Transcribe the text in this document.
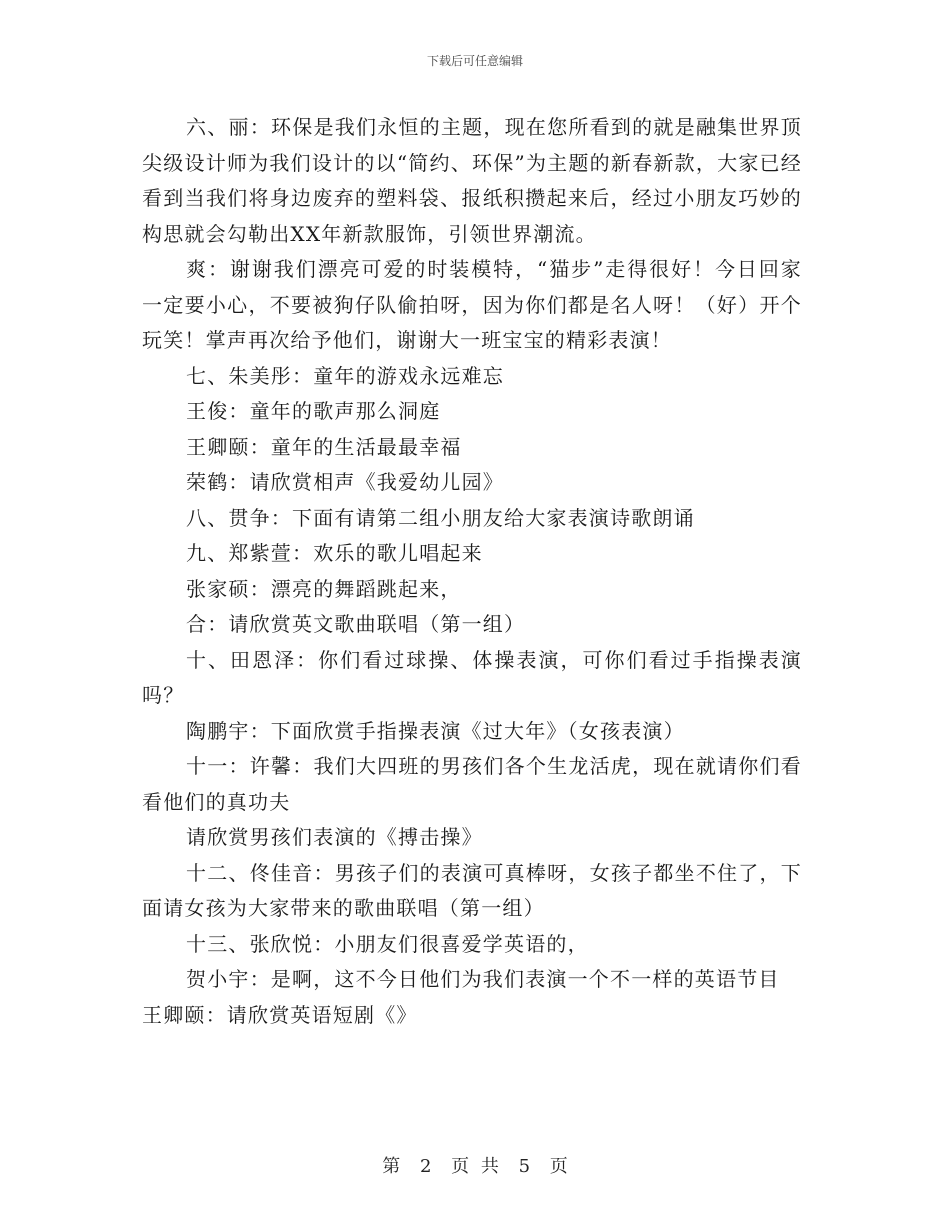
下载后可任意编辑

六、丽：环保是我们永恒的主题，现在您所看到的就是融集世界顶尖级设计师为我们设计的以“简约、环保”为主题的新春新款，大家已经看到当我们将身边废弃的塑料袋、报纸积攒起来后，经过小朋友巧妙的构思就会勾勒出XX年新款服饰，引领世界潮流。

爽：谢谢我们漂亮可爱的时装模特，“猫步”走得很好！今日回家一定要小心，不要被狗仔队偷拍呀，因为你们都是名人呀！（好）开个玩笑！掌声再次给予他们，谢谢大一班宝宝的精彩表演！

七、朱美彤：童年的游戏永远难忘

王俊：童年的歌声那么洞庭

王卿颐：童年的生活最最幸福

荣鹤：请欣赏相声《我爱幼儿园》

八、贯争：下面有请第二组小朋友给大家表演诗歌朗诵

九、郑紫萱：欢乐的歌儿唱起来

张家硕：漂亮的舞蹈跳起来，

合：请欣赏英文歌曲联唱（第一组）

十、田恩泽：你们看过球操、体操表演，可你们看过手指操表演吗？

陶鹏宇：下面欣赏手指操表演《过大年》（女孩表演）

十一：许馨：我们大四班的男孩们各个生龙活虎，现在就请你们看看他们的真功夫

请欣赏男孩们表演的《搏击操》

十二、佟佳音：男孩子们的表演可真棒呀，女孩子都坐不住了，下面请女孩为大家带来的歌曲联唱（第一组）

十三、张欣悦：小朋友们很喜爱学英语的，

贺小宇：是啊，这不今日他们为我们表演一个不一样的英语节目

王卿颐：请欣赏英语短剧《》

第 2 页 共 5 页
